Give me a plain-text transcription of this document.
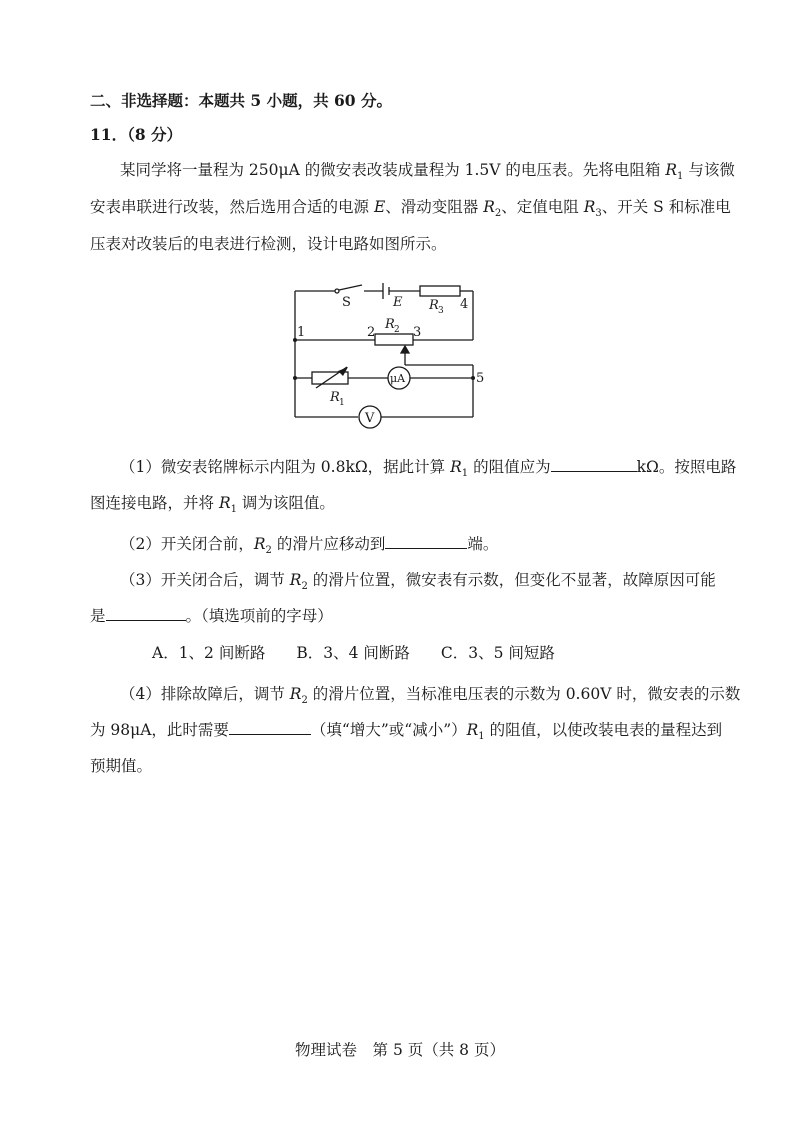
二、非选择题：本题共 5 小题，共 60 分。
11．（8 分）
某同学将一量程为 250μA 的微安表改装成量程为 1.5V 的电压表。先将电阻箱 $R_1$ 与该微
安表串联进行改装，然后选用合适的电源 E、滑动变阻器 $R_2$、定值电阻 $R_3$、开关 S 和标准电
压表对改装后的电表进行检测，设计电路如图所示。
S	E R 3 4
1	2
R 2 3
μA	5
R 1
V
（1）微安表铭牌标示内阻为 0.8kΩ，据此计算 $R_1$ 的阻值应为	kΩ。按照电路
图连接电路，并将 $R_1$ 调为该阻值。
（2）开关闭合前，$R_2$ 的滑片应移动到	端。
（3）开关闭合后，调节 $R_2$ 的滑片位置，微安表有示数，但变化不显著，故障原因可能
是	。（填选项前的字母）
A．1、2 间断路　　B．3、4 间断路　　C．3、5 间短路
（4）排除故障后，调节 $R_2$ 的滑片位置，当标准电压表的示数为 0.60V 时，微安表的示数
为 98μA，此时需要	（填“增大”或“减小$”)R_1$ 的阻值，以使改装电表的量程达到
预期值。
物理试卷　第 5 页（共 8 页）
